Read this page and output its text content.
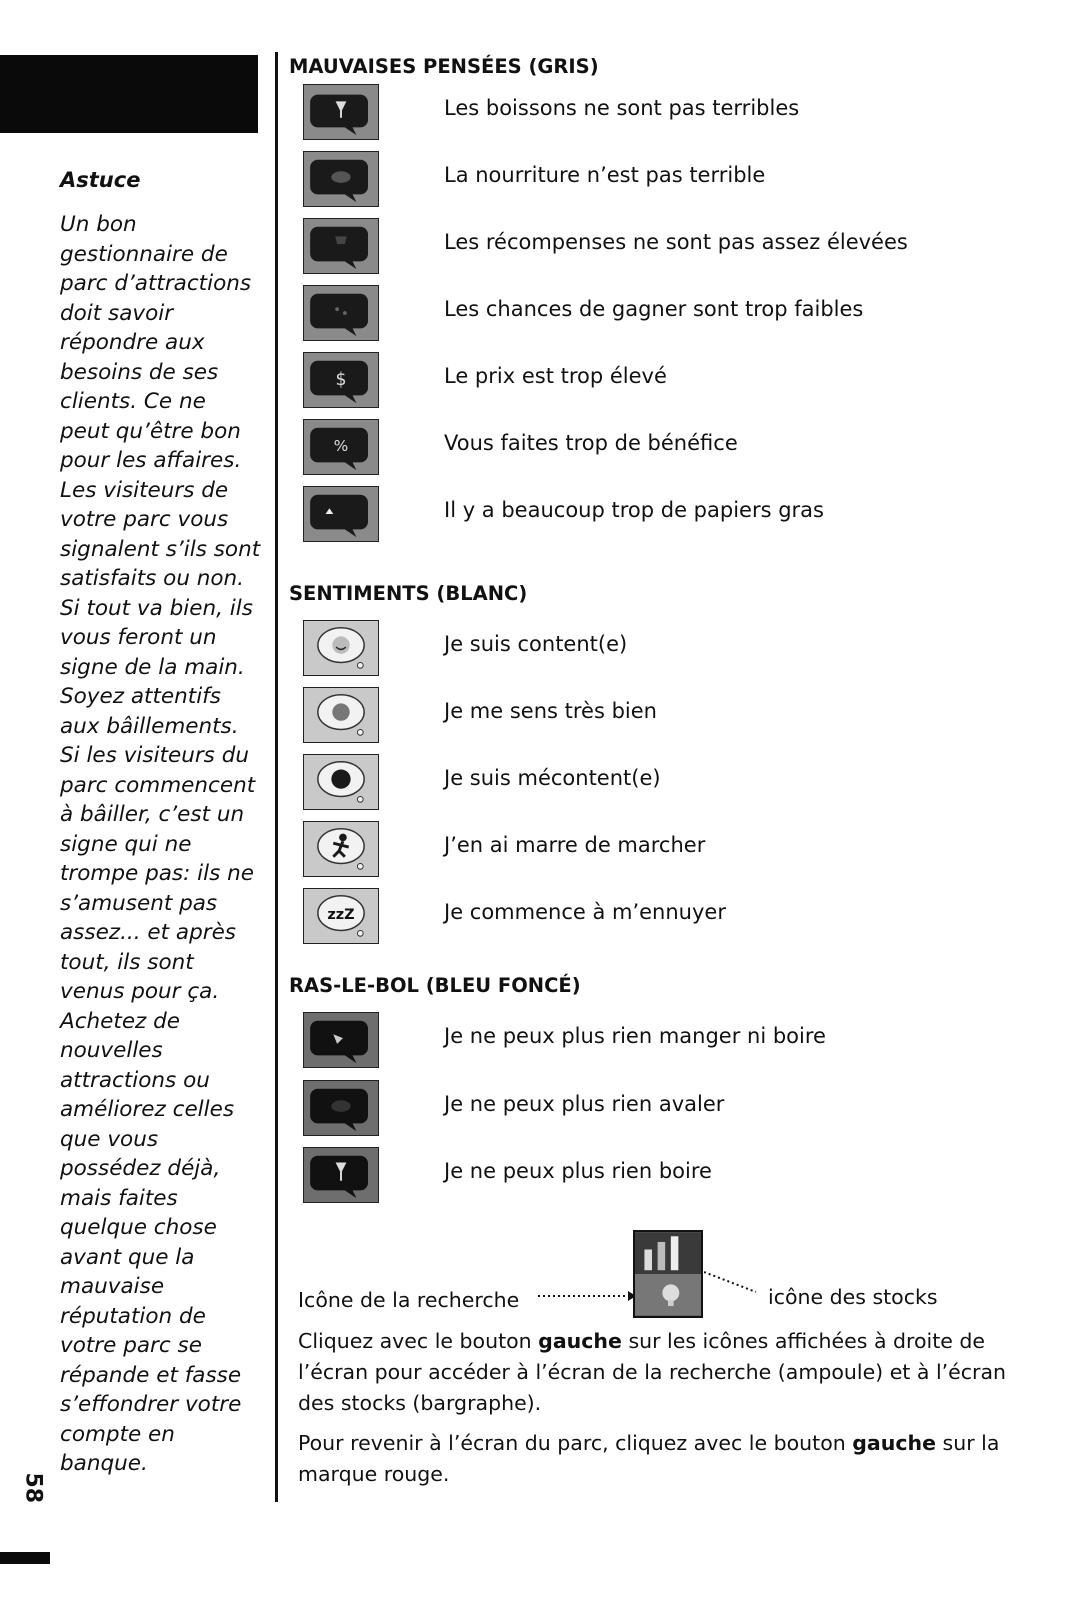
58

Astuce

Un bon
gestionnaire de
parc d’attractions
doit savoir
répondre aux
besoins de ses
clients. Ce ne
peut qu’être bon
pour les affaires.
Les visiteurs de
votre parc vous
signalent s’ils sont
satisfaits ou non.
Si tout va bien, ils
vous feront un
signe de la main.
Soyez attentifs
aux bâillements.
Si les visiteurs du
parc commencent
à bâiller, c’est un
signe qui ne
trompe pas: ils ne
s’amusent pas
assez... et après
tout, ils sont
venus pour ça.
Achetez de
nouvelles
attractions ou
améliorez celles
que vous
possédez déjà,
mais faites
quelque chose
avant que la
mauvaise
réputation de
votre parc se
répande et fasse
s’effondrer votre
compte en
banque.

MAUVAISES PENSÉES (GRIS)
Les boissons ne sont pas terribles
La nourriture n’est pas terrible
Les récompenses ne sont pas assez élevées
Les chances de gagner sont trop faibles
$	Le prix est trop élevé
%	Vous faites trop de bénéfice
Il y a beaucoup trop de papiers gras
SENTIMENTS (BLANC)
Je suis content(e)
Je me sens très bien
Je suis mécontent(e)
J’en ai marre de marcher
zzZ	Je commence à m’ennuyer
RAS-LE-BOL (BLEU FONCÉ)
Je ne peux plus rien manger ni boire
Je ne peux plus rien avaler
Je ne peux plus rien boire
Icône de la recherche	icône des stocks

Cliquez avec le bouton gauche sur les icônes affichées à droite de l’écran pour accéder à l’écran de la recherche (ampoule) et à l’écran des stocks (bargraphe).

Pour revenir à l’écran du parc, cliquez avec le bouton gauche sur la marque rouge.
